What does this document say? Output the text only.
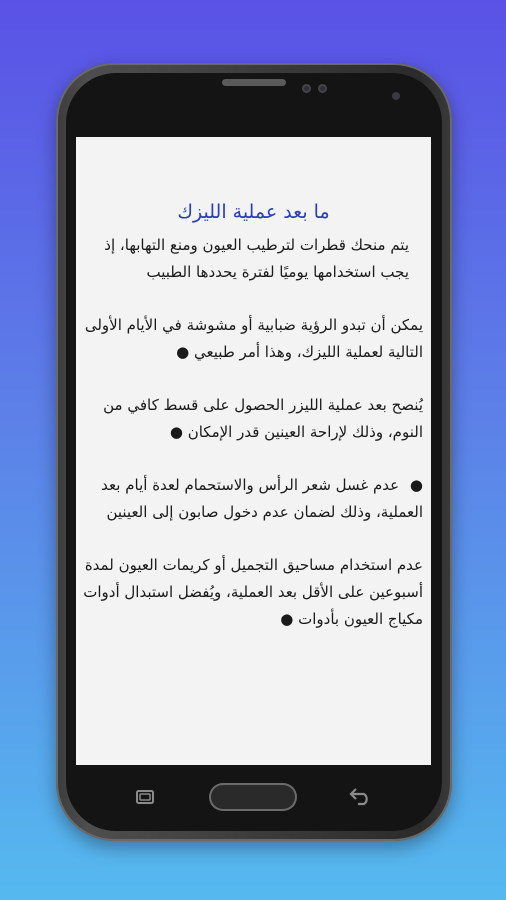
ما بعد عملية الليزك
يتم منحك قطرات لترطيب العيون ومنع التهابها، إذ يجب استخدامها يوميًا لفترة يحددها الطبيب
يمكن أن تبدو الرؤية ضبابية أو مشوشة في الأيام الأولى التالية لعملية الليزك، وهذا أمر طبيعي ●
يُنصح بعد عملية الليزر الحصول على قسط كافي من النوم، وذلك لإراحة العينين قدر الإمكان ●
● عدم غسل شعر الرأس والاستحمام لعدة أيام بعد العملية، وذلك لضمان عدم دخول صابون إلى العينين
عدم استخدام مساحيق التجميل أو كريمات العيون لمدة أسبوعين على الأقل بعد العملية، ويُفضل استبدال أدوات مكياج العيون بأدوات ●
